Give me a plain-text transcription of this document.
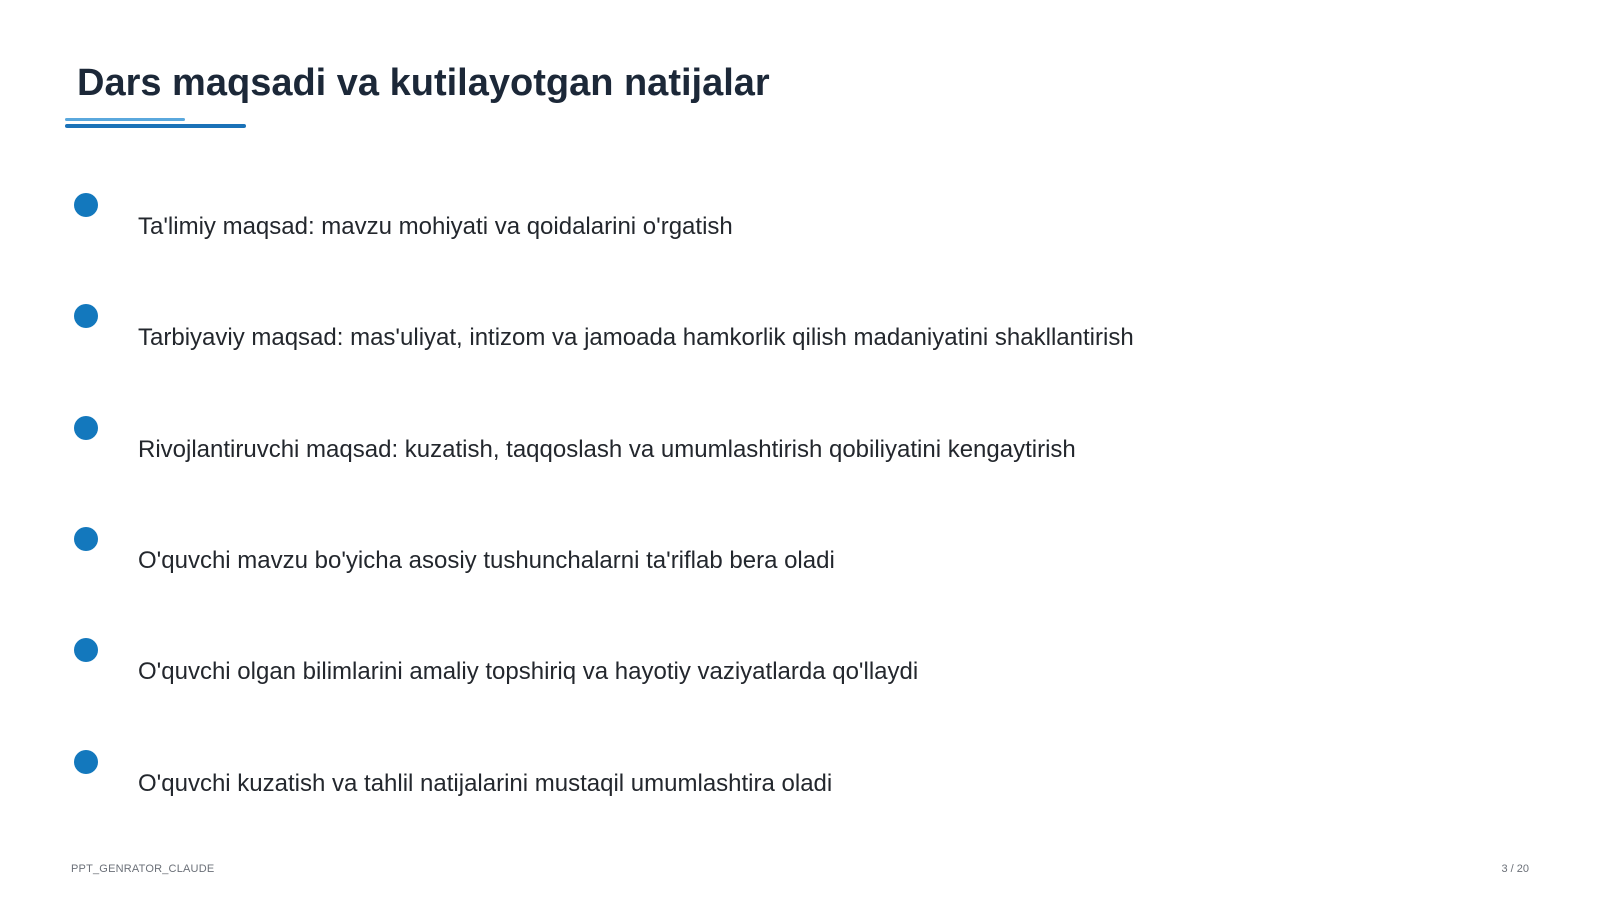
Dars maqsadi va kutilayotgan natijalar
Ta'limiy maqsad: mavzu mohiyati va qoidalarini o'rgatish
Tarbiyaviy maqsad: mas'uliyat, intizom va jamoada hamkorlik qilish madaniyatini shakllantirish
Rivojlantiruvchi maqsad: kuzatish, taqqoslash va umumlashtirish qobiliyatini kengaytirish
O'quvchi mavzu bo'yicha asosiy tushunchalarni ta'riflab bera oladi
O'quvchi olgan bilimlarini amaliy topshiriq va hayotiy vaziyatlarda qo'llaydi
O'quvchi kuzatish va tahlil natijalarini mustaqil umumlashtira oladi
PPT_GENRATOR_CLAUDE	3 / 20
